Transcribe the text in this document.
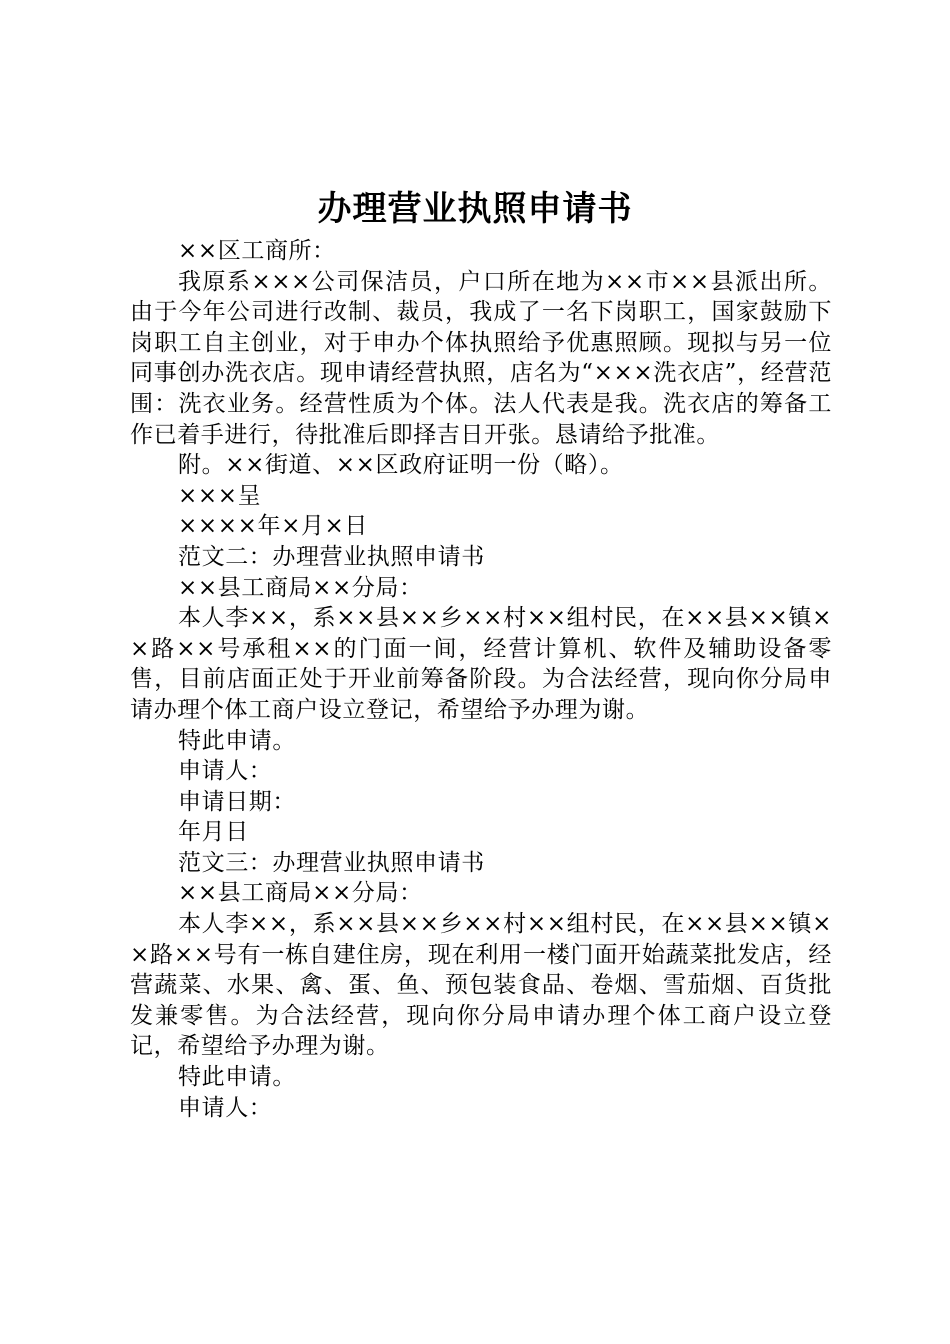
办理营业执照申请书

××区工商所：

我原系×××公司保洁员，户口所在地为××市××县派出所。由于今年公司进行改制、裁员，我成了一名下岗职工，国家鼓励下岗职工自主创业，对于申办个体执照给予优惠照顾。现拟与另一位同事创办洗衣店。现申请经营执照，店名为“×××洗衣店”，经营范围：洗衣业务。经营性质为个体。法人代表是我。洗衣店的筹备工作已着手进行，待批准后即择吉日开张。恳请给予批准。

附。××街道、××区政府证明一份（略）。

×××呈

××××年×月×日

范文二：办理营业执照申请书

××县工商局××分局：

本人李××，系××县××乡××村××组村民，在××县××镇××路××号承租××的门面一间，经营计算机、软件及辅助设备零售，目前店面正处于开业前筹备阶段。为合法经营，现向你分局申请办理个体工商户设立登记，希望给予办理为谢。

特此申请。

申请人：

申请日期：

年月日

范文三：办理营业执照申请书

××县工商局××分局：

本人李××，系××县××乡××村××组村民，在××县××镇××路××号有一栋自建住房，现在利用一楼门面开始蔬菜批发店，经营蔬菜、水果、禽、蛋、鱼、预包装食品、卷烟、雪茄烟、百货批发兼零售。为合法经营，现向你分局申请办理个体工商户设立登记，希望给予办理为谢。

特此申请。

申请人：
